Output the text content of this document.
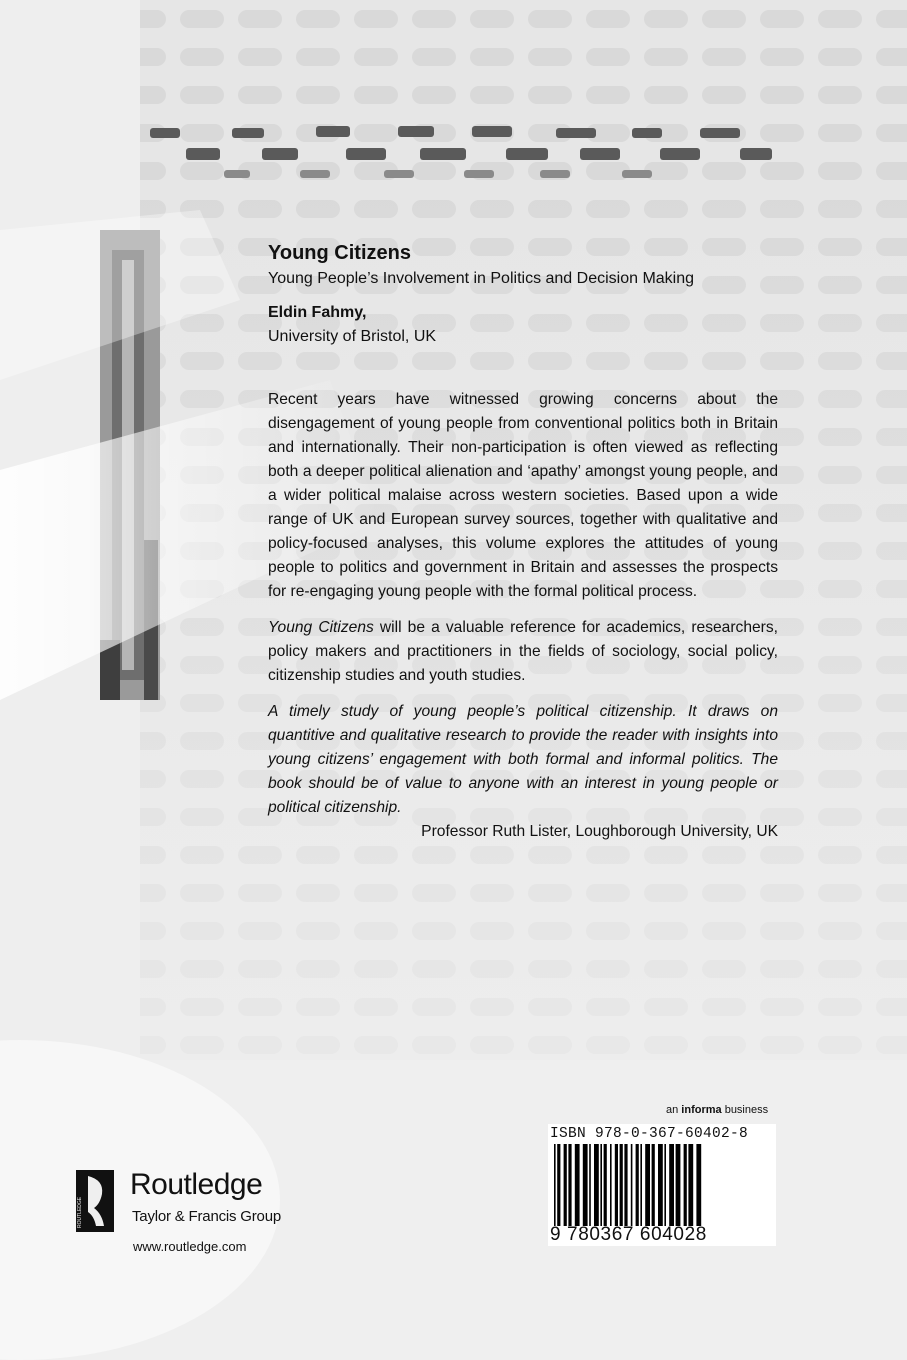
Young Citizens

Young People’s Involvement in Politics and Decision Making

Eldin Fahmy,

University of Bristol, UK

Recent years have witnessed growing concerns about the disengagement of young people from conventional politics both in Britain and internationally. Their non-participation is often viewed as reflecting both a deeper political alienation and ‘apathy’ amongst young people, and a wider political malaise across western societies. Based upon a wide range of UK and European survey sources, together with qualitative and policy-focused analyses, this volume explores the attitudes of young people to politics and government in Britain and assesses the prospects for re-engaging young people with the formal political process.

Young Citizens will be a valuable reference for academics, researchers, policy makers and practitioners in the fields of sociology, social policy, citizenship studies and youth studies.

A timely study of young people’s political citizenship. It draws on quantitive and qualitative research to provide the reader with insights into young citizens’ engagement with both formal and informal politics. The book should be of value to anyone with an interest in young people or political citizenship.

Professor Ruth Lister, Loughborough University, UK

an informa business
ISBN 978-0-367-60402-8
9 780367 604028
ROUTLEDGE
Routledge
Taylor & Francis Group
www.routledge.com
